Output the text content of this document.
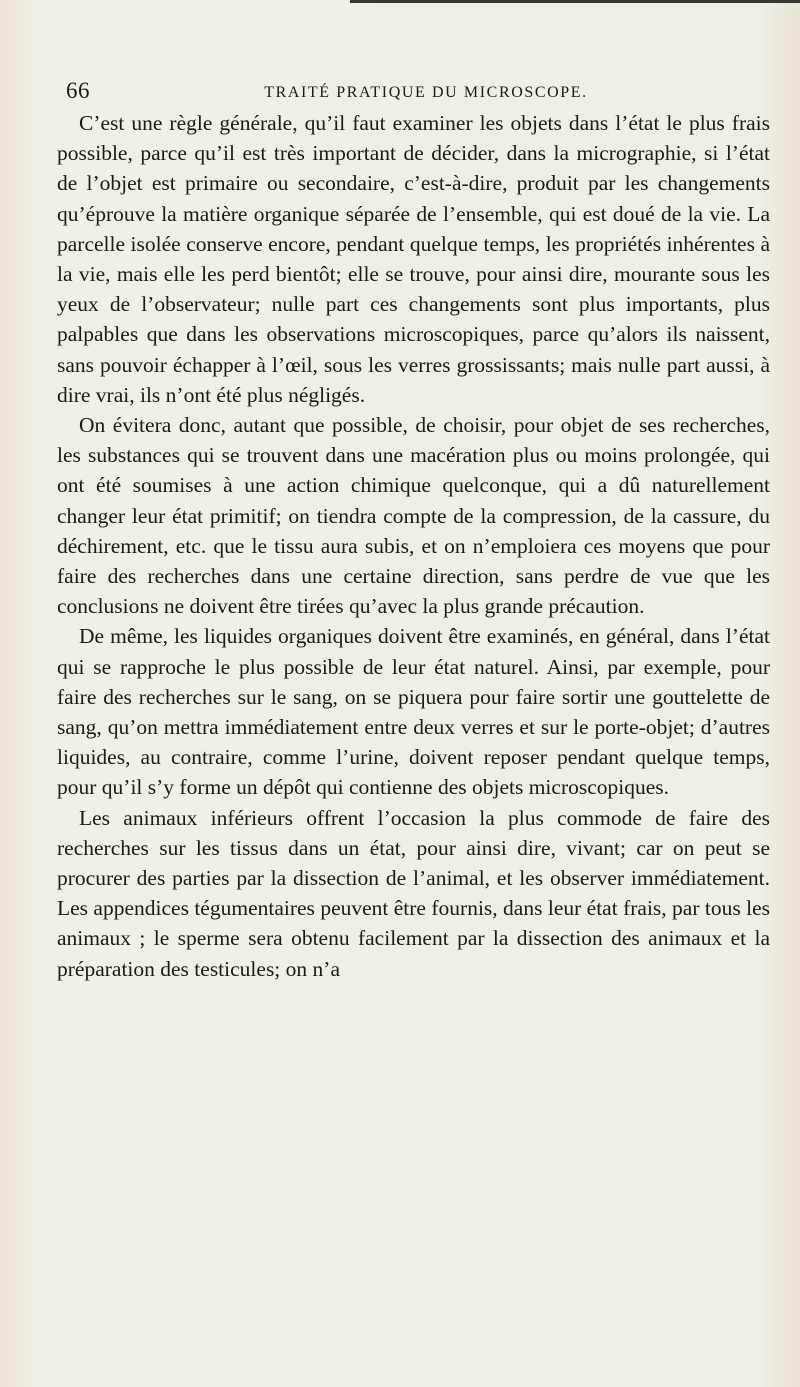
66	TRAITÉ PRATIQUE DU MICROSCOPE.

C’est une règle générale, qu’il faut examiner les objets dans l’état le plus frais possible, parce qu’il est très important de décider, dans la micrographie, si l’état de l’objet est primaire ou secondaire, c’est-à-dire, produit par les changements qu’éprouve la matière organique séparée de l’ensemble, qui est doué de la vie. La parcelle isolée conserve encore, pendant quelque temps, les propriétés inhérentes à la vie, mais elle les perd bientôt; elle se trouve, pour ainsi dire, mourante sous les yeux de l’observateur; nulle part ces changements sont plus importants, plus palpables que dans les observations microscopiques, parce qu’alors ils naissent, sans pouvoir échapper à l’œil, sous les verres grossissants; mais nulle part aussi, à dire vrai, ils n’ont été plus négligés.

On évitera donc, autant que possible, de choisir, pour objet de ses recherches, les substances qui se trouvent dans une macération plus ou moins prolongée, qui ont été soumises à une action chimique quelconque, qui a dû naturellement changer leur état primitif; on tiendra compte de la compression, de la cassure, du déchirement, etc. que le tissu aura subis, et on n’emploiera ces moyens que pour faire des recherches dans une certaine direction, sans perdre de vue que les conclusions ne doivent être tirées qu’avec la plus grande précaution.

De même, les liquides organiques doivent être examinés, en général, dans l’état qui se rapproche le plus possible de leur état naturel. Ainsi, par exemple, pour faire des recherches sur le sang, on se piquera pour faire sortir une gouttelette de sang, qu’on mettra immédiatement entre deux verres et sur le porte-objet; d’autres liquides, au contraire, comme l’urine, doivent reposer pendant quelque temps, pour qu’il s’y forme un dépôt qui contienne des objets microscopiques.

Les animaux inférieurs offrent l’occasion la plus commode de faire des recherches sur les tissus dans un état, pour ainsi dire, vivant; car on peut se procurer des parties par la dissection de l’animal, et les observer immédiatement. Les appendices tégumentaires peuvent être fournis, dans leur état frais, par tous les animaux ; le sperme sera obtenu facilement par la dissection des animaux et la préparation des testicules; on n’a
